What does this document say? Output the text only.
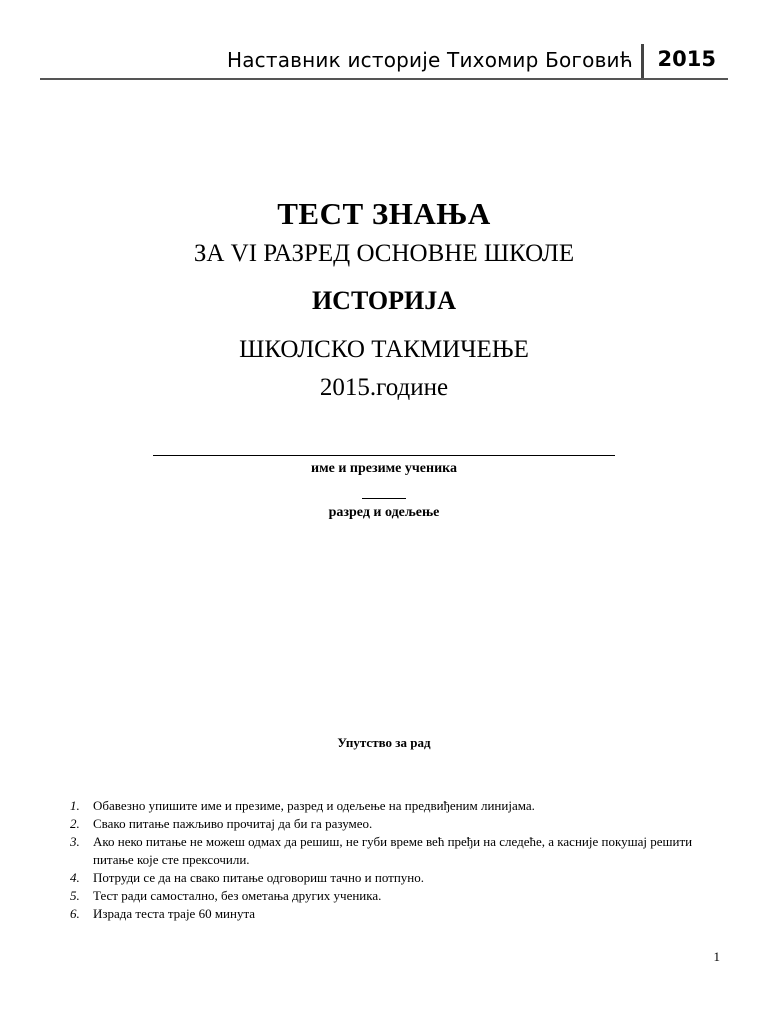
Наставник историје Тихомир Боговић 2015
ТЕСТ ЗНАЊА
ЗА VI РАЗРЕД ОСНОВНЕ ШКОЛЕ
ИСТОРИЈА
ШКОЛСКО ТАКМИЧЕЊЕ
2015.године
име и презиме ученика
разред и одељење
Упутство за рад
1. Обавезно упишите име и презиме, разред и одељење на предвиђеним линијама.
2. Свако питање пажљиво прочитај да би га разумео.
3. Ако неко питање не можеш одмах да решиш, не губи време већ пређи на следеће, а касније покушај решити питање које сте прексочили.
4. Потруди се да на свако питање одговориш тачно и потпуно.
5. Тест ради самостално, без ометања других ученика.
6. Израда теста траје 60 минута
1
